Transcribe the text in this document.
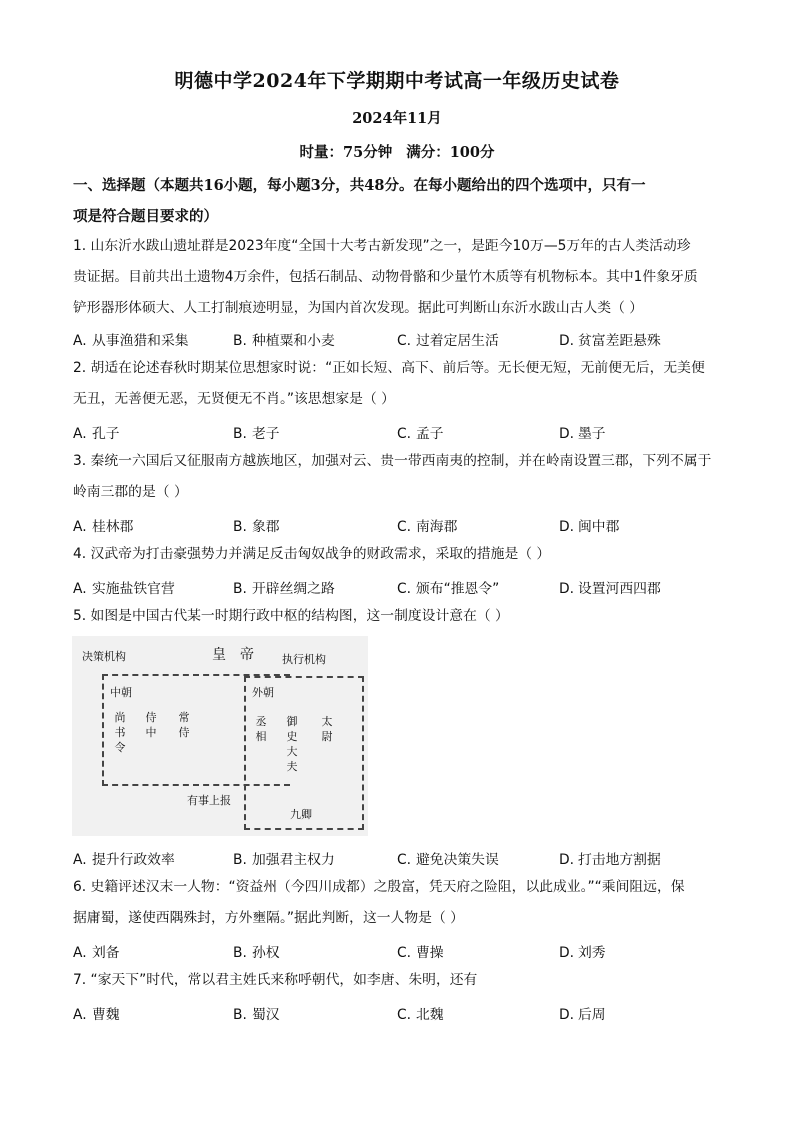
明德中学2024年下学期期中考试高一年级历史试卷
2024年11月
时量：75分钟 满分：100分
一、选择题（本题共16小题，每小题3分，共48分。在每小题给出的四个选项中，只有一
项是符合题目要求的）
1. 山东沂水跋山遗址群是2023年度“全国十大考古新发现”之一，是距今10万—5万年的古人类活动珍
贵证据。目前共出土遗物4万余件，包括石制品、动物骨骼和少量竹木质等有机物标本。其中1件象牙质
铲形器形体硕大、人工打制痕迹明显，为国内首次发现。据此可判断山东沂水跋山古人类（ ）
A. 从事渔猎和采集	B. 种植粟和小麦	C. 过着定居生活	D. 贫富差距悬殊
2. 胡适在论述春秋时期某位思想家时说：“正如长短、高下、前后等。无长便无短，无前便无后，无美便
无丑，无善便无恶，无贤便无不肖。”该思想家是（ ）
A. 孔子	B. 老子	C. 孟子	D. 墨子
3. 秦统一六国后又征服南方越族地区，加强对云、贵一带西南夷的控制，并在岭南设置三郡，下列不属于
岭南三郡的是（ ）
A. 桂林郡	B. 象郡	C. 南海郡	D. 闽中郡
4. 汉武帝为打击豪强势力并满足反击匈奴战争的财政需求，采取的措施是（ ）
A. 实施盐铁官营	B. 开辟丝绸之路	C. 颁布“推恩令”	D. 设置河西四郡
5. 如图是中国古代某一时期行政中枢的结构图，这一制度设计意在（ ）
决策机构	皇　帝	执行机构
中朝
尚书令
侍中
常侍
外朝
丞相
御史大夫
太尉
有事上报
九卿
A. 提升行政效率	B. 加强君主权力	C. 避免决策失误	D. 打击地方割据
6. 史籍评述汉末一人物：“资益州（今四川成都）之殷富，凭天府之险阻，以此成业。”“乘间阻远，保
据庸蜀，遂使西隅殊封，方外壅隔。”据此判断，这一人物是（ ）
A. 刘备	B. 孙权	C. 曹操	D. 刘秀
7. “家天下”时代，常以君主姓氏来称呼朝代，如李唐、朱明，还有
A. 曹魏	B. 蜀汉	C. 北魏	D. 后周
